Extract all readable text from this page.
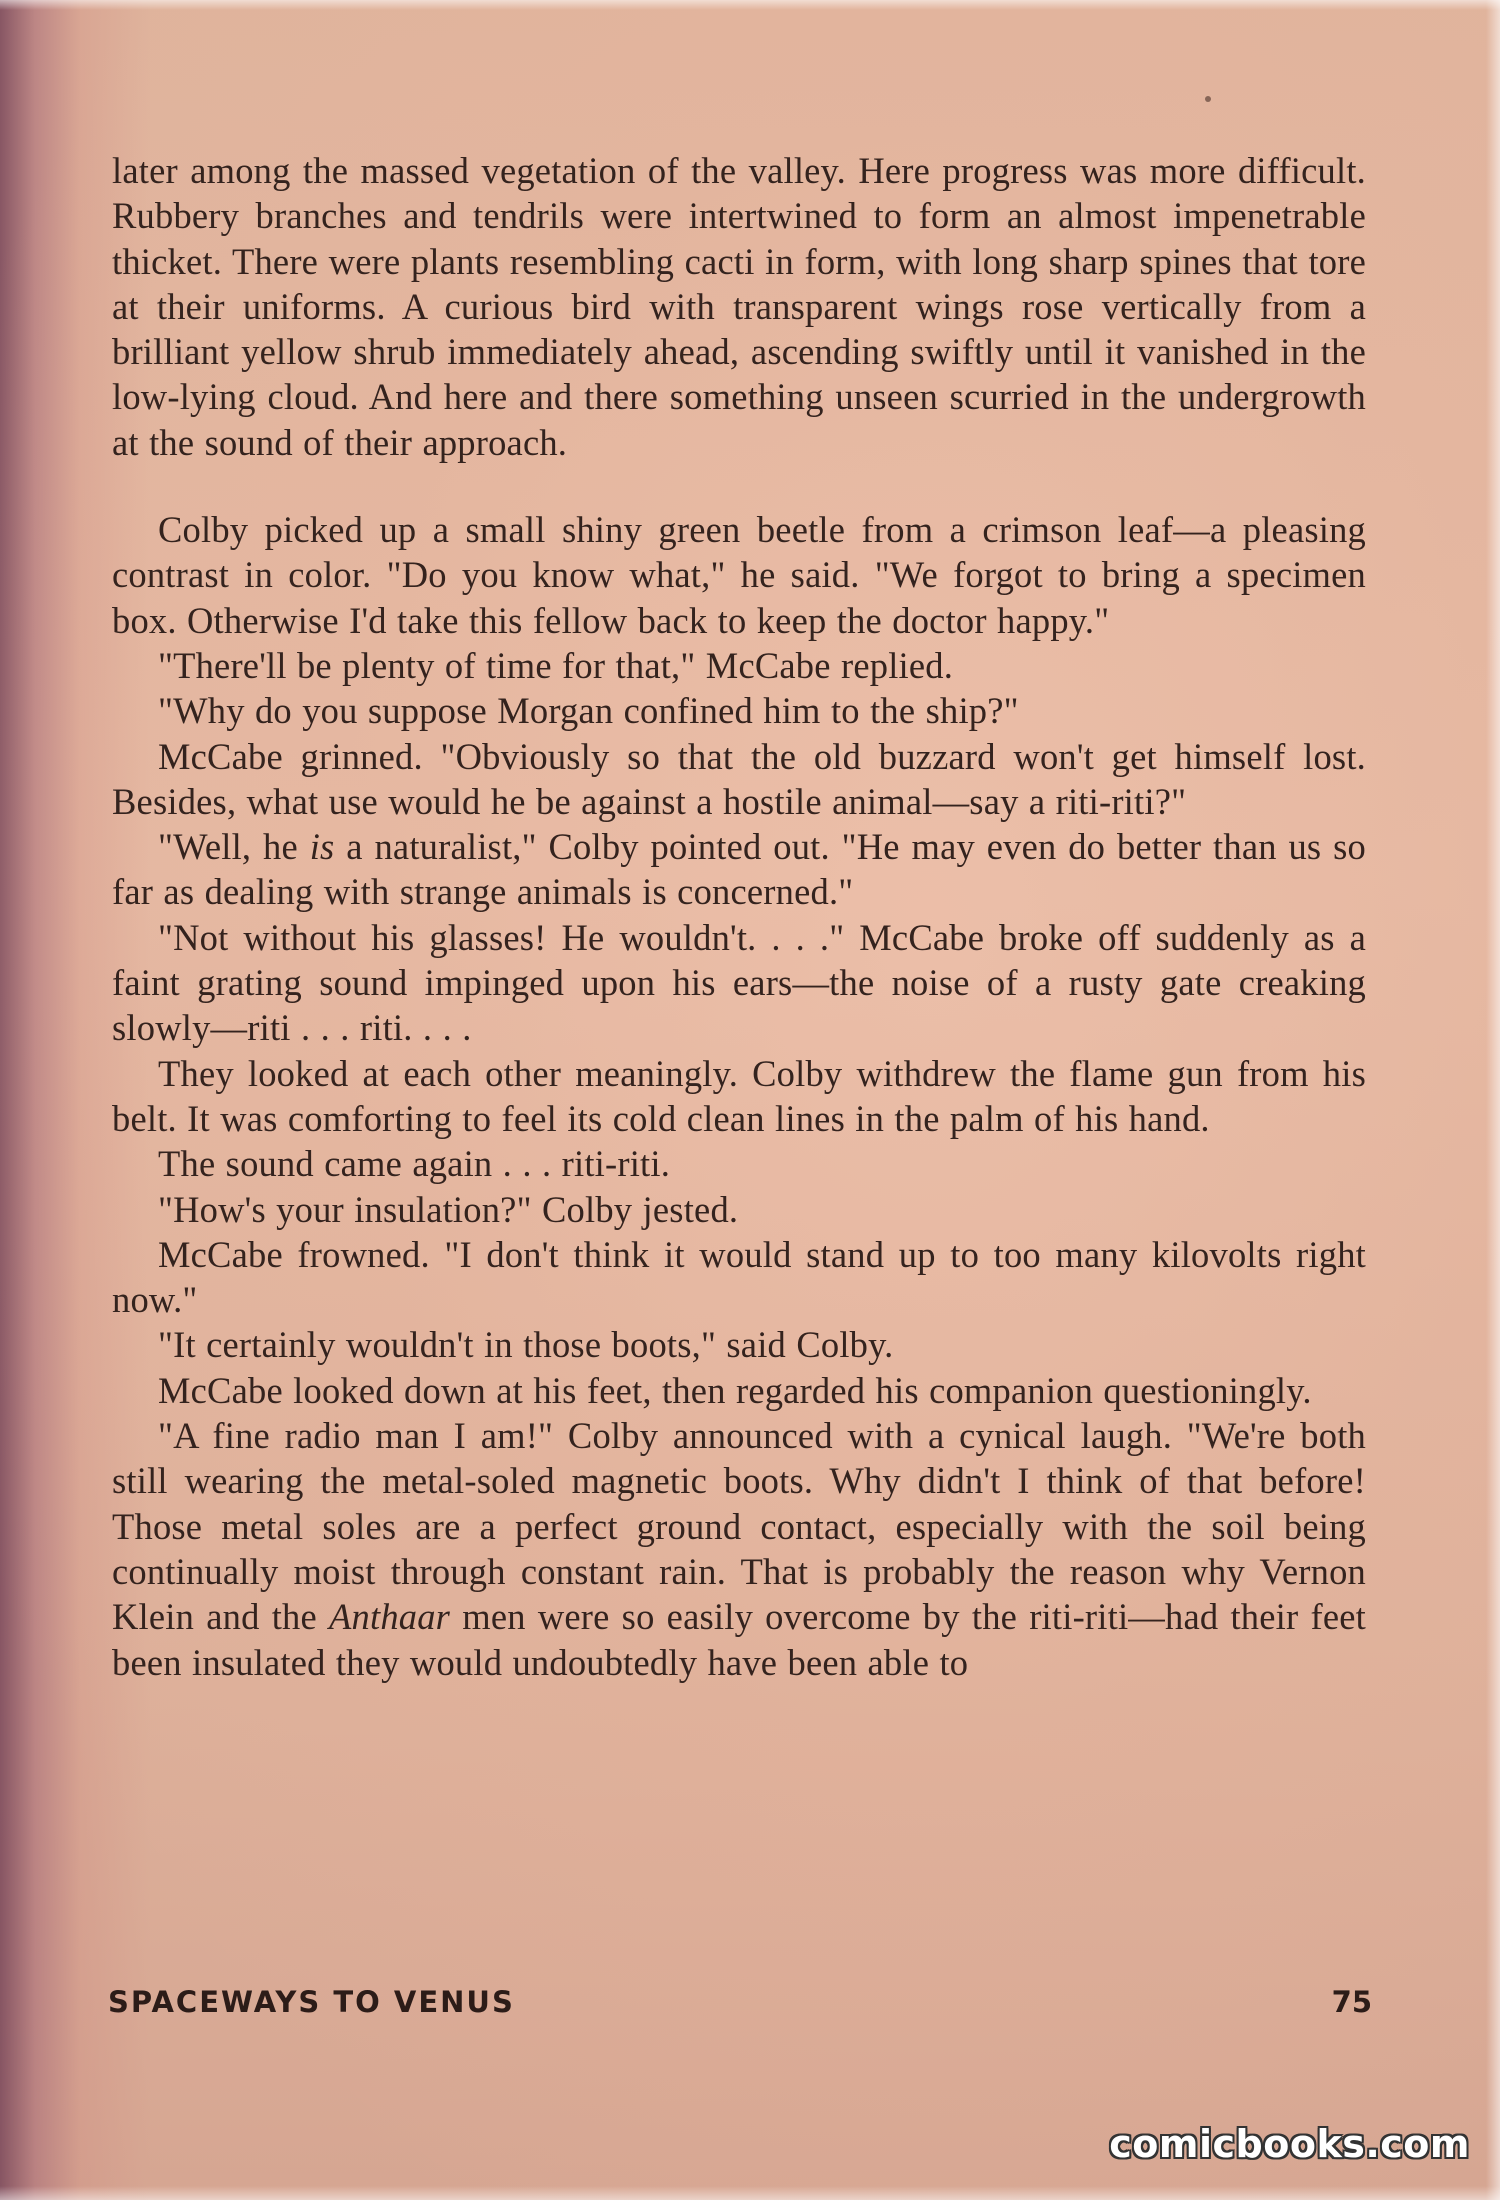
later among the massed vegetation of the valley. Here progress was more difficult. Rubbery branches and tendrils were intertwined to form an almost impenetrable thicket. There were plants resembling cacti in form, with long sharp spines that tore at their uniforms. A curious bird with transparent wings rose vertically from a brilliant yellow shrub immediately ahead, ascending swiftly until it vanished in the low-lying cloud. And here and there something unseen scurried in the undergrowth at the sound of their approach.

Colby picked up a small shiny green beetle from a crimson leaf—a pleasing contrast in color. "Do you know what," he said. "We forgot to bring a specimen box. Otherwise I'd take this fellow back to keep the doctor happy."

"There'll be plenty of time for that," McCabe replied.

"Why do you suppose Morgan confined him to the ship?"

McCabe grinned. "Obviously so that the old buzzard won't get himself lost. Besides, what use would he be against a hostile animal—say a riti-riti?"

"Well, he is a naturalist," Colby pointed out. "He may even do better than us so far as dealing with strange animals is concerned."

"Not without his glasses! He wouldn't. . . ." McCabe broke off suddenly as a faint grating sound impinged upon his ears—the noise of a rusty gate creaking slowly—riti . . . riti. . . .

They looked at each other meaningly. Colby withdrew the flame gun from his belt. It was comforting to feel its cold clean lines in the palm of his hand.

The sound came again . . . riti-riti.

"How's your insulation?" Colby jested.

McCabe frowned. "I don't think it would stand up to too many kilovolts right now."

"It certainly wouldn't in those boots," said Colby.

McCabe looked down at his feet, then regarded his companion questioningly.

"A fine radio man I am!" Colby announced with a cynical laugh. "We're both still wearing the metal-soled magnetic boots. Why didn't I think of that before! Those metal soles are a perfect ground contact, especially with the soil being continually moist through constant rain. That is probably the reason why Vernon Klein and the Anthaar men were so easily overcome by the riti-riti—had their feet been insulated they would undoubtedly have been able to

SPACEWAYS TO VENUS	75
comicbooks.com
